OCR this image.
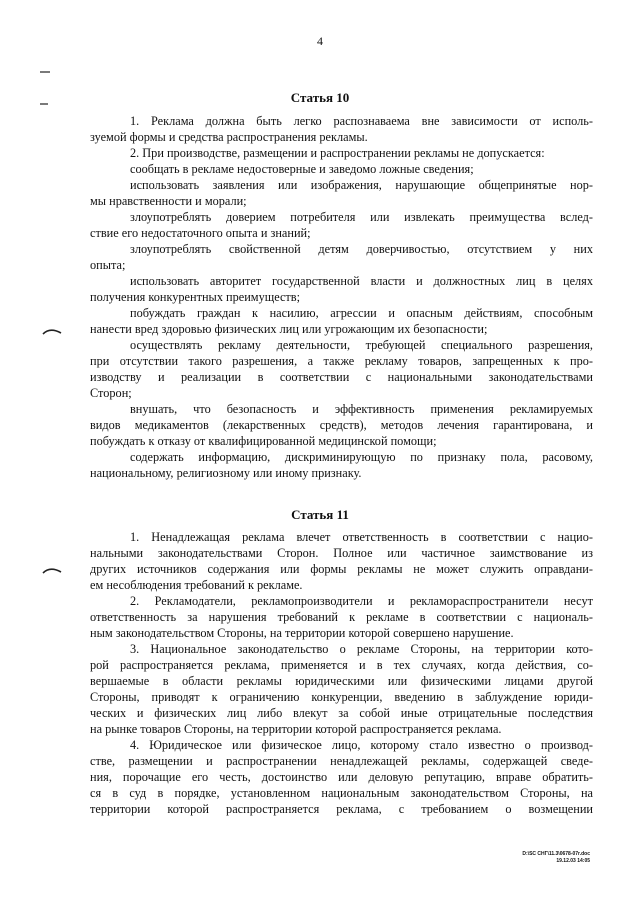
4
Статья 10
1. Реклама должна быть легко распознаваема вне зависимости от исполь-
зуемой формы и средства распространения рекламы.
2. При производстве, размещении и распространении рекламы не допускается:
сообщать в рекламе недостоверные и заведомо ложные сведения;
использовать заявления или изображения, нарушающие общепринятые нор-
мы нравственности и морали;
злоупотреблять доверием потребителя или извлекать преимущества вслед-
ствие его недостаточного опыта и знаний;
злоупотреблять свойственной детям доверчивостью, отсутствием у них
опыта;
использовать авторитет государственной власти и должностных лиц в целях
получения конкурентных преимуществ;
побуждать граждан к насилию, агрессии и опасным действиям, способным
нанести вред здоровью физических лиц или угрожающим их безопасности;
осуществлять рекламу деятельности, требующей специального разрешения,
при отсутствии такого разрешения, а также рекламу товаров, запрещенных к про-
изводству и реализации в соответствии с национальными законодательствами
Сторон;
внушать, что безопасность и эффективность применения рекламируемых
видов медикаментов (лекарственных средств), методов лечения гарантирована, и
побуждать к отказу от квалифицированной медицинской помощи;
содержать информацию, дискриминирующую по признаку пола, расовому,
национальному, религиозному или иному признаку.
Статья 11
1. Ненадлежащая реклама влечет ответственность в соответствии с нацио-
нальными законодательствами Сторон. Полное или частичное заимствование из
других источников содержания или формы рекламы не может служить оправдани-
ем несоблюдения требований к рекламе.
2. Рекламодатели, рекламопроизводители и рекламораспространители несут
ответственность за нарушения требований к рекламе в соответствии с националь-
ным законодательством Стороны, на территории которой совершено нарушение.
3. Национальное законодательство о рекламе Стороны, на территории кото-
рой распространяется реклама, применяется и в тех случаях, когда действия, со-
вершаемые в области рекламы юридическими или физическими лицами другой
Стороны, приводят к ограничению конкуренции, введению в заблуждение юриди-
ческих и физических лиц либо влекут за собой иные отрицательные последствия
на рынке товаров Стороны, на территории которой распространяется реклама.
4. Юридическое или физическое лицо, которому стало известно о производ-
стве, размещении и распространении ненадлежащей рекламы, содержащей сведе-
ния, порочащие его честь, достоинство или деловую репутацию, вправе обратить-
ся в суд в порядке, установленном национальным законодательством Стороны, на
территории которой распространяется реклама, с требованием о возмещении
D:\SC СНГ\11.3\0678-07r.doc
19.12.03 14:05
